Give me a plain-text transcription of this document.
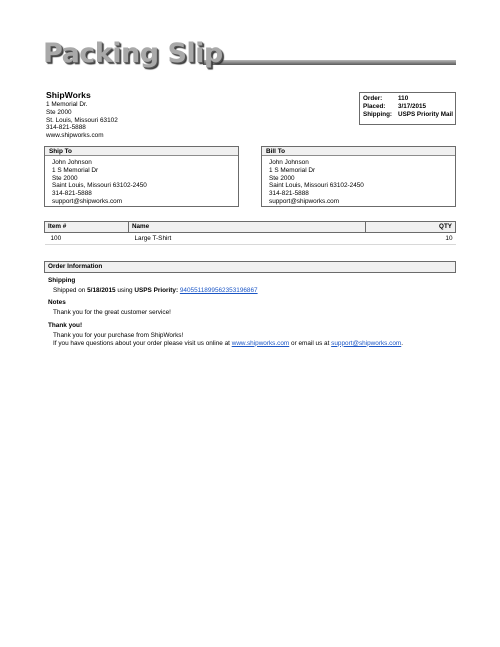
Packing Slip
ShipWorks
1 Memorial Dr.
Ste 2000
St. Louis, Missouri 63102
314-821-5888
www.shipworks.com
Order:	110
Placed:	3/17/2015
Shipping:	USPS Priority Mail
Ship To
John Johnson
1 S Memorial Dr
Ste 2000
Saint Louis, Missouri 63102-2450
314-821-5888
support@shipworks.com
Bill To
John Johnson
1 S Memorial Dr
Ste 2000
Saint Louis, Missouri 63102-2450
314-821-5888
support@shipworks.com
Item #	Name	QTY
100	Large T-Shirt	10
Order Information
Shipping
Shipped on 5/18/2015 using USPS Priority: 9405511899562353196867
Notes
Thank you for the great customer service!
Thank you!
Thank you for your purchase from ShipWorks!
If you have questions about your order please visit us online at www.shipworks.com or email us at support@shipworks.com.
